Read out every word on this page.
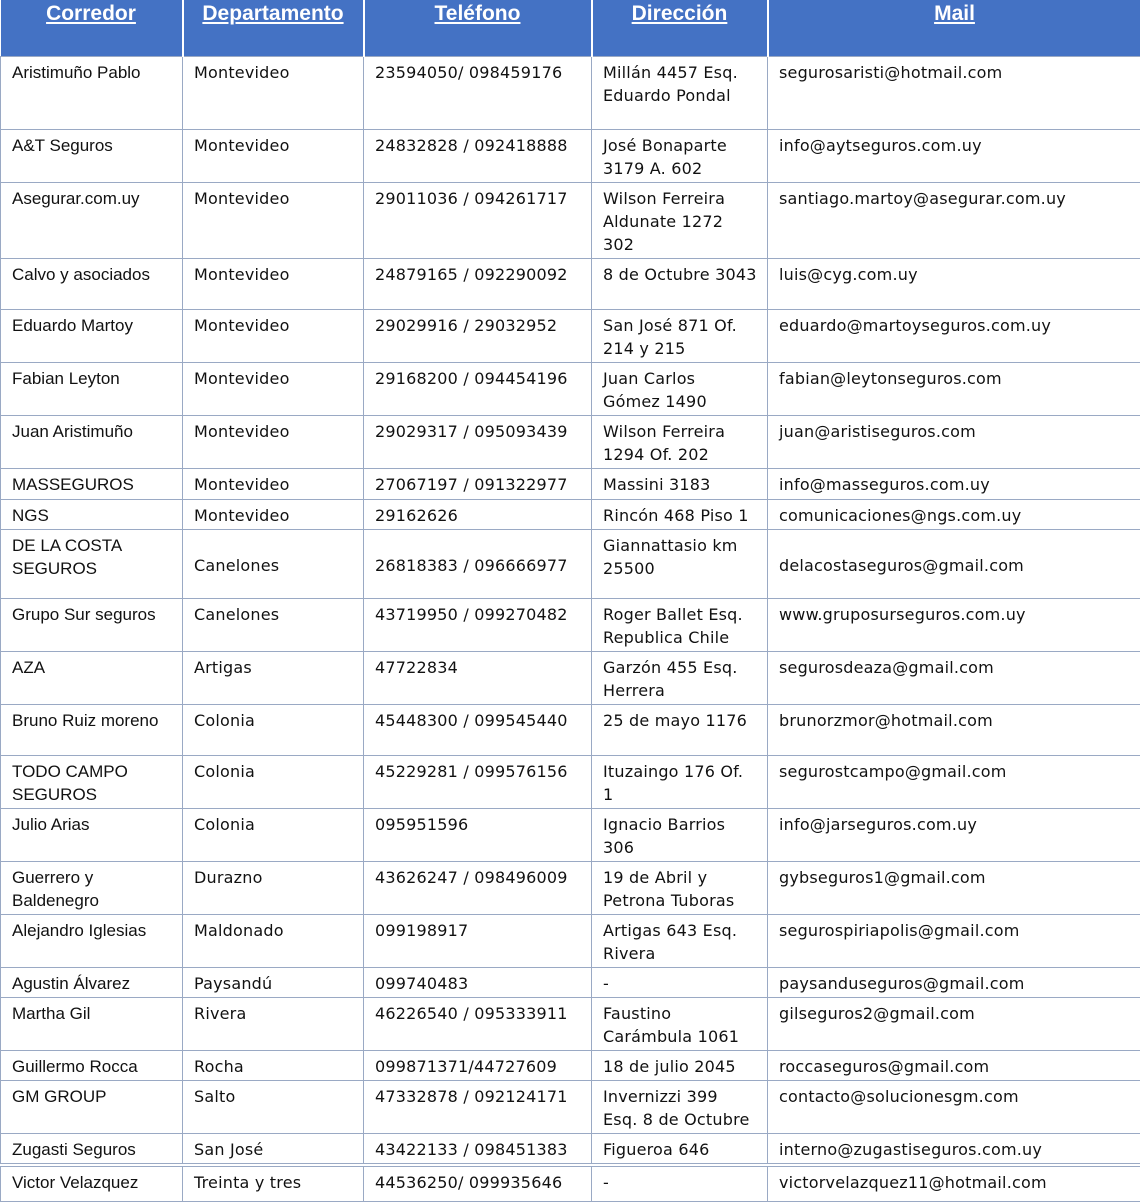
Corredor	Departamento	Teléfono	Dirección	Mail
Aristimuño Pablo	Montevideo	23594050/ 098459176	Millán 4457 Esq. Eduardo Pondal	segurosaristi@hotmail.com
A&T Seguros	Montevideo	24832828 / 092418888	José Bonaparte 3179 A. 602	info@aytseguros.com.uy
Asegurar.com.uy	Montevideo	29011036 / 094261717	Wilson Ferreira Aldunate 1272 302	santiago.martoy@asegurar.com.uy
Calvo y asociados	Montevideo	24879165 / 092290092	8 de Octubre 3043	luis@cyg.com.uy
Eduardo Martoy	Montevideo	29029916 / 29032952	San José 871 Of. 214 y 215	eduardo@martoyseguros.com.uy
Fabian Leyton	Montevideo	29168200 / 094454196	Juan Carlos Gómez 1490	fabian@leytonseguros.com
Juan Aristimuño	Montevideo	29029317 / 095093439	Wilson Ferreira 1294 Of. 202	juan@aristiseguros.com
MASSEGUROS	Montevideo	27067197 / 091322977	Massini 3183	info@masseguros.com.uy
NGS	Montevideo	29162626	Rincón 468 Piso 1	comunicaciones@ngs.com.uy
DE LA COSTA SEGUROS	Canelones	26818383 / 096666977	Giannattasio km 25500	delacostaseguros@gmail.com
Grupo Sur seguros	Canelones	43719950 / 099270482	Roger Ballet Esq. Republica Chile	www.gruposurseguros.com.uy
AZA	Artigas	47722834	Garzón 455 Esq. Herrera	segurosdeaza@gmail.com
Bruno Ruiz moreno	Colonia	45448300 / 099545440	25 de mayo 1176	brunorzmor@hotmail.com
TODO CAMPO SEGUROS	Colonia	45229281 / 099576156	Ituzaingo 176 Of. 1	segurostcampo@gmail.com
Julio Arias	Colonia	095951596	Ignacio Barrios 306	info@jarseguros.com.uy
Guerrero y Baldenegro	Durazno	43626247 / 098496009	19 de Abril y Petrona Tuboras	gybseguros1@gmail.com
Alejandro Iglesias	Maldonado	099198917	Artigas 643 Esq. Rivera	segurospiriapolis@gmail.com
Agustin Álvarez	Paysandú	099740483	-	paysanduseguros@gmail.com
Martha Gil	Rivera	46226540 / 095333911	Faustino Carámbula 1061	gilseguros2@gmail.com
Guillermo Rocca	Rocha	099871371/44727609	18 de julio 2045	roccaseguros@gmail.com
GM GROUP	Salto	47332878 / 092124171	Invernizzi 399 Esq. 8 de Octubre	contacto@solucionesgm.com
Zugasti Seguros	San José	43422133 / 098451383	Figueroa 646	interno@zugastiseguros.com.uy
Victor Velazquez	Treinta y tres	44536250/ 099935646	-	victorvelazquez11@hotmail.com
